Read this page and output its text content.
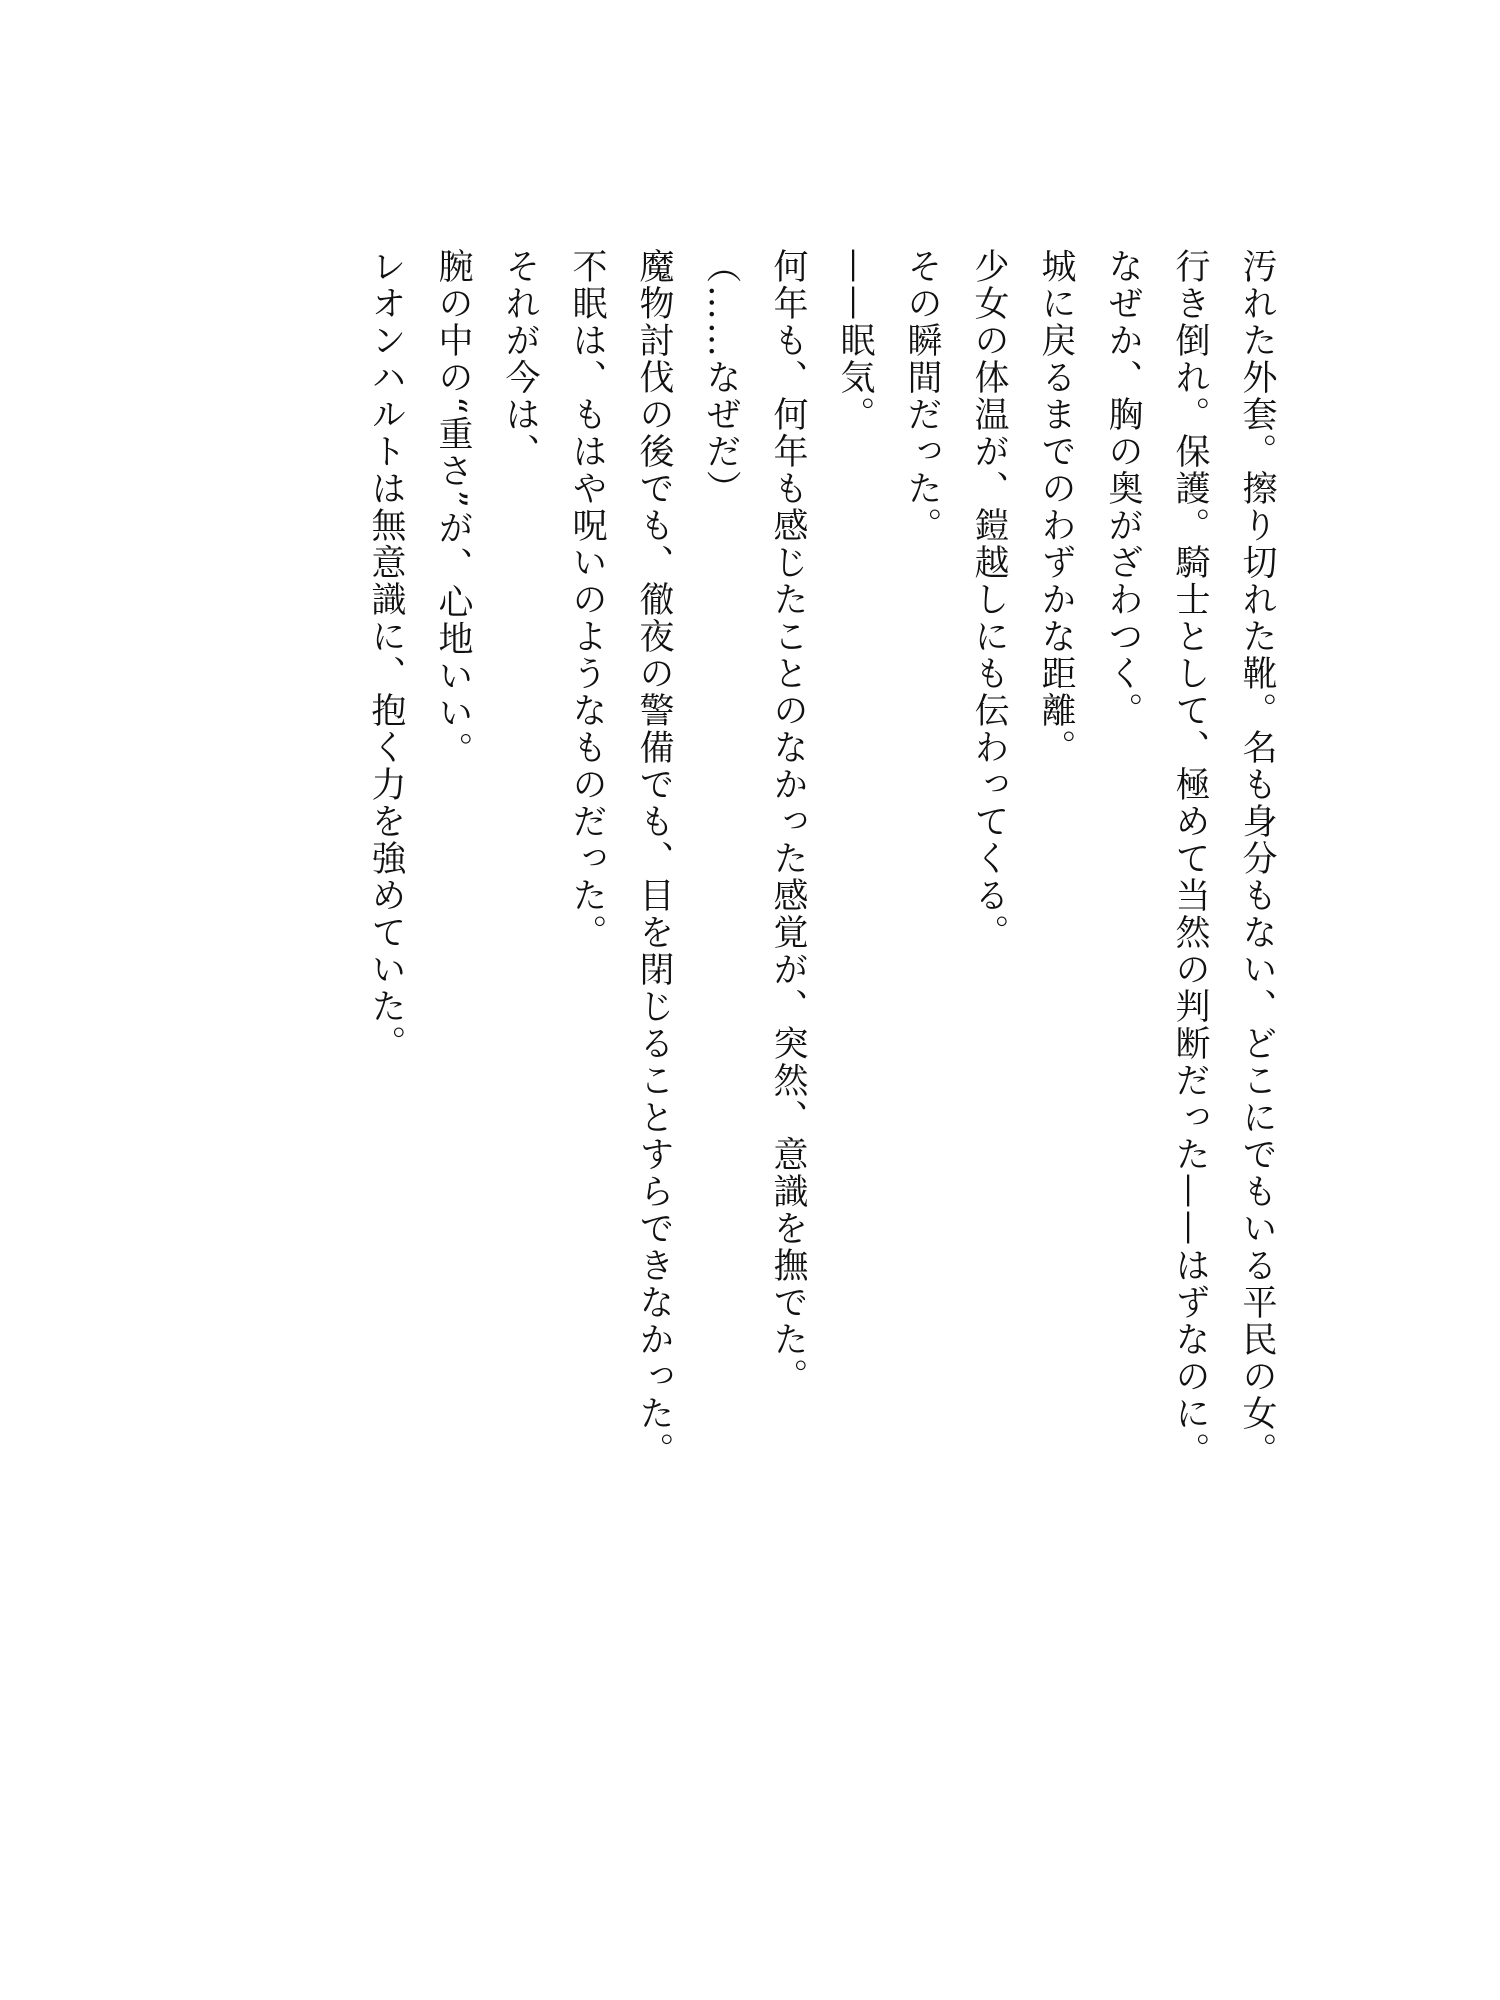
汚れた外套。擦り切れた靴。名も身分もない、どこにでもいる平民の女。
行き倒れ。保護。騎士として、極めて当然の判断だった——はずなのに。
なぜか、胸の奥がざわつく。
城に戻るまでのわずかな距離。
少女の体温が、鎧越しにも伝わってくる。
その瞬間だった。
——眠気。
何年も、何年も感じたことのなかった感覚が、突然、意識を撫でた。
（……なぜだ）
魔物討伐の後でも、徹夜の警備でも、目を閉じることすらできなかった。
不眠は、もはや呪いのようなものだった。
それが今は、
腕の中の“重さ”が、心地いい。
レオンハルトは無意識に、抱く力を強めていた。
